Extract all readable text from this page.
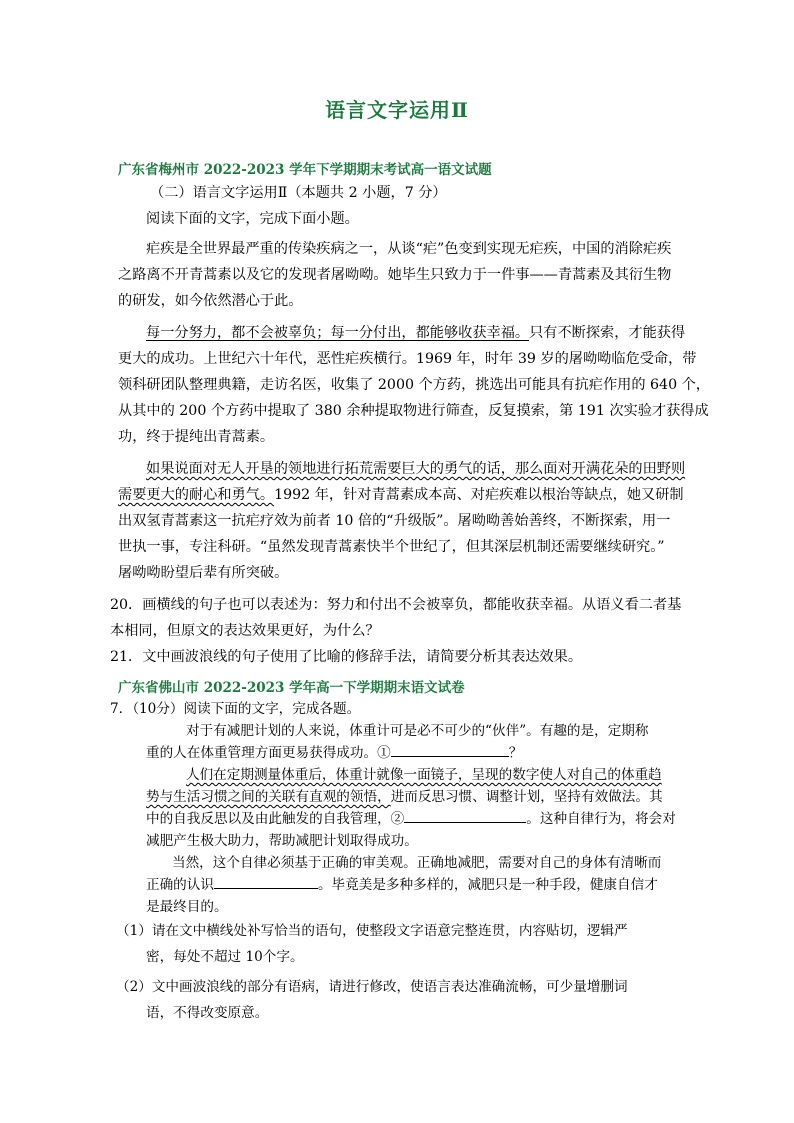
语言文字运用Ⅱ
广东省梅州市 2022-2023 学年下学期期末考试高一语文试题
（二）语言文字运用Ⅱ（本题共 2 小题，7 分）
阅读下面的文字，完成下面小题。
疟疾是全世界最严重的传染疾病之一，从谈“疟”色变到实现无疟疾，中国的消除疟疾
之路离不开青蒿素以及它的发现者屠呦呦。她毕生只致力于一件事——青蒿素及其衍生物
的研发，如今依然潜心于此。
每一分努力，都不会被辜负；每一分付出，都能够收获幸福。只有不断探索，才能获得
更大的成功。上世纪六十年代，恶性疟疾横行。1969 年，时年 39 岁的屠呦呦临危受命，带
领科研团队整理典籍，走访名医，收集了 2000 个方药，挑选出可能具有抗疟作用的 640 个，
从其中的 200 个方药中提取了 380 余种提取物进行筛查，反复摸索，第 191 次实验才获得成
功，终于提纯出青蒿素。
如果说面对无人开垦的领地进行拓荒需要巨大的勇气的话，那么面对开满花朵的田野则
需要更大的耐心和勇气。1992 年，针对青蒿素成本高、对疟疾难以根治等缺点，她又研制
出双氢青蒿素这一抗疟疗效为前者 10 倍的“升级版”。屠呦呦善始善终，不断探索，用一
世执一事，专注科研。“虽然发现青蒿素快半个世纪了，但其深层机制还需要继续研究。”
屠呦呦盼望后辈有所突破。
20．画横线的句子也可以表述为：努力和付出不会被辜负，都能收获幸福。从语义看二者基
本相同，但原文的表达效果更好，为什么？
21．文中画波浪线的句子使用了比喻的修辞手法，请简要分析其表达效果。
广东省佛山市 2022-2023 学年高一下学期期末语文试卷
7．（10分）阅读下面的文字，完成各题。
对于有减肥计划的人来说，体重计可是必不可少的“伙伴”。有趣的是，定期称
重的人在体重管理方面更易获得成功。①	？
人们在定期测量体重后，体重计就像一面镜子，呈现的数字使人对自己的体重趋
势与生活习惯之间的关联有直观的领悟，进而反思习惯、调整计划，坚持有效做法。其
中的自我反思以及由此触发的自我管理，②	。这种自律行为，将会对
减肥产生极大助力，帮助减肥计划取得成功。
当然，这个自律必须基于正确的审美观。正确地减肥，需要对自己的身体有清晰而
正确的认识	。毕竟美是多种多样的，减肥只是一种手段，健康自信才
是最终目的。
（1）请在文中横线处补写恰当的语句，使整段文字语意完整连贯，内容贴切，逻辑严
密，每处不超过 10个字。
（2）文中画波浪线的部分有语病，请进行修改，使语言表达准确流畅，可少量增删词
语，不得改变原意。
